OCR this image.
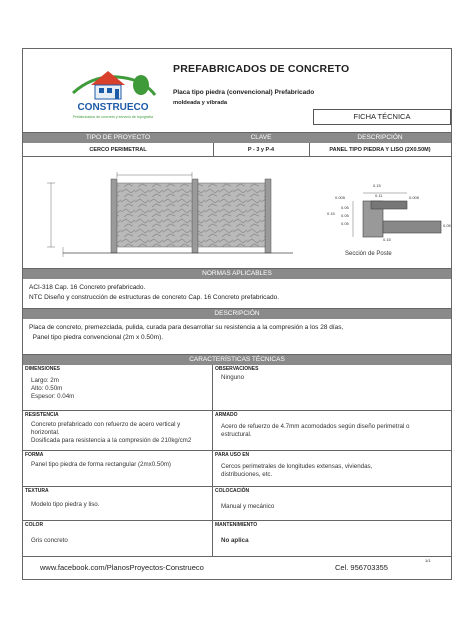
CONSTRUECO
Prefabricados de concreto y servicio de topografía
PREFABRICADOS DE CONCRETO
Placa tipo piedra (convencional) Prefabricado
moldeada y vibrada
FICHA TÉCNICA
TIPO DE PROYECTO	CLAVE	DESCRIPCIÓN
CERCO PERIMETRAL	P - 3 y P-4	PANEL TIPO PIEDRA Y LISO (2X0.50M)
0.15
0.11
0.005	0.005
0.05
0.05
0.05
0.15
0.15
0.05
Sección de Poste
NORMAS APLICABLES
ACI-318 Cap. 16 Concreto prefabricado.
NTC Diseño y construcción de estructuras de concreto Cap. 16 Concreto prefabricado.
DESCRIPCIÓN
Placa de concreto, premezclada, pulida, curada para desarrollar su resistencia a la compresión a los 28 días,
Panel tipo piedra convencional (2m x 0.50m).
CARACTERÍSTICAS TÉCNICAS
DIMENSIONES
Largo: 2m
Alto: 0.50m
Espesor: 0.04m
OBSERVACIONES
Ninguno
RESISTENCIA
Concreto prefabricado con refuerzo de acero vertical y
horizontal.
Dosificada para resistencia a la compresión de 210kg/cm2
ARMADO
Acero de refuerzo de 4.7mm acomodados según diseño perimetral o
estructural.
FORMA
Panel tipo piedra de forma rectangular (2mx0.50m)
PARA USO EN
Cercos perimetrales de longitudes extensas, viviendas,
distribuciones, etc.
TEXTURA
Modelo tipo piedra y liso.
COLOCACIÓN
Manual y mecánico
COLOR
Gris concreto
MANTENIMIENTO
No aplica
www.facebook.com/PlanosProyectos-Construeco	Cel. 956703355
1/1
